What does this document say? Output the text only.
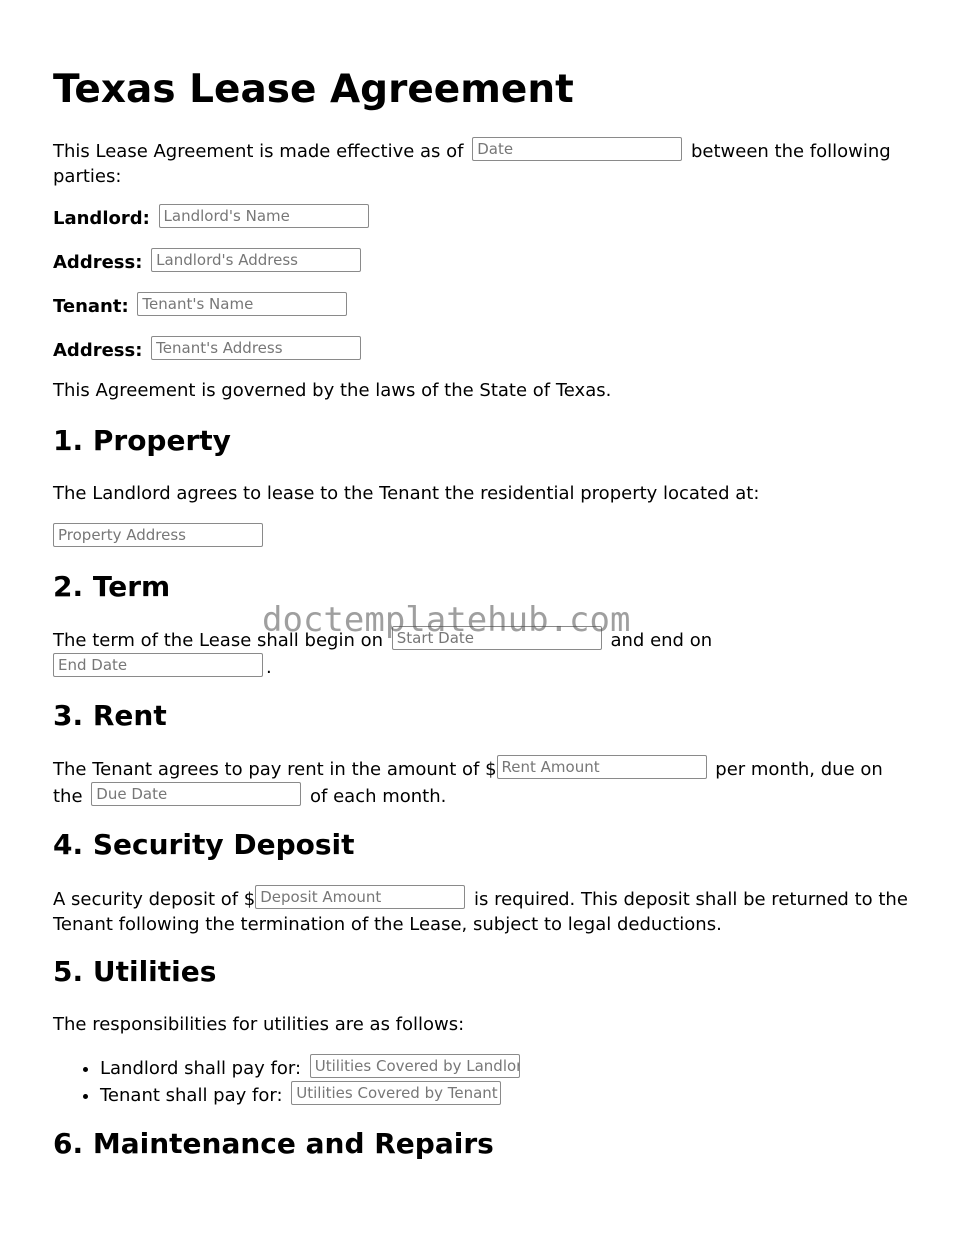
Texas Lease Agreement

This Lease Agreement is made effective as of Date	between the following parties:

Landlord: Landlord's Name
Address: Landlord's Address
Tenant: Tenant's Name
Address: Tenant's Address

This Agreement is governed by the laws of the State of Texas.

1. Property

The Landlord agrees to lease to the Tenant the residential property located at:

Property Address
2. Term

The term of the Lease shall begin on Start Date	and end on
End Date.

3. Rent

The Tenant agrees to pay rent in the amount of $ Rent Amount	per month, due on the Due Date	of each month.

4. Security Deposit

A security deposit of $ Deposit Amount	is required. This deposit shall be returned to the Tenant following the termination of the Lease, subject to legal deductions.

5. Utilities

The responsibilities for utilities are as follows:

• Landlord shall pay for: Utilities Covered by Landlord
• Tenant shall pay for: Utilities Covered by Tenant
6. Maintenance and Repairs
doctemplatehub.com
